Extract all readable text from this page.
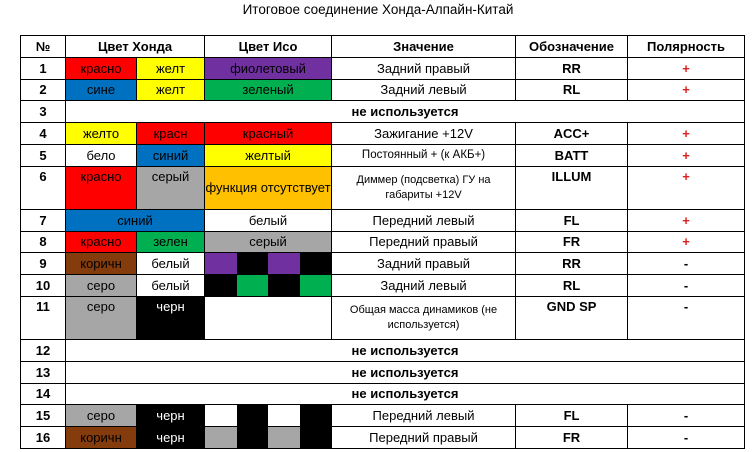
Итоговое соединение Хонда-Алпайн-Китай
№	Цвет Хонда		Цвет Исо	Значение	Обозначение	Полярность
1	красно	желт	фиолетовый	Задний правый	RR	+
2	сине	желт	зеленый	Задний левый	RL	+
3	не используется					
4	желто	красн	красный	Зажигание +12V	ACC+	+
5	бело	синий	желтый	Постоянный + (к АКБ+)	BATT	+
6	красно	серый	функция отсутствует	Диммер (подсветка) ГУ на габариты +12V	ILLUM	+
7	синий		белый	Передний левый	FL	+
8	красно	зелен	серый	Передний правый	FR	+
9	коричн	белый		Задний правый	RR	-
10	серо	белый		Задний левый	RL	-
11	серо	черн		Общая масса динамиков (не используется)	GND SP	-
12	не используется					
13	не используется					
14	не используется					
15	серо	черн		Передний левый	FL	-
16	коричн	черн		Передний правый	FR	-
